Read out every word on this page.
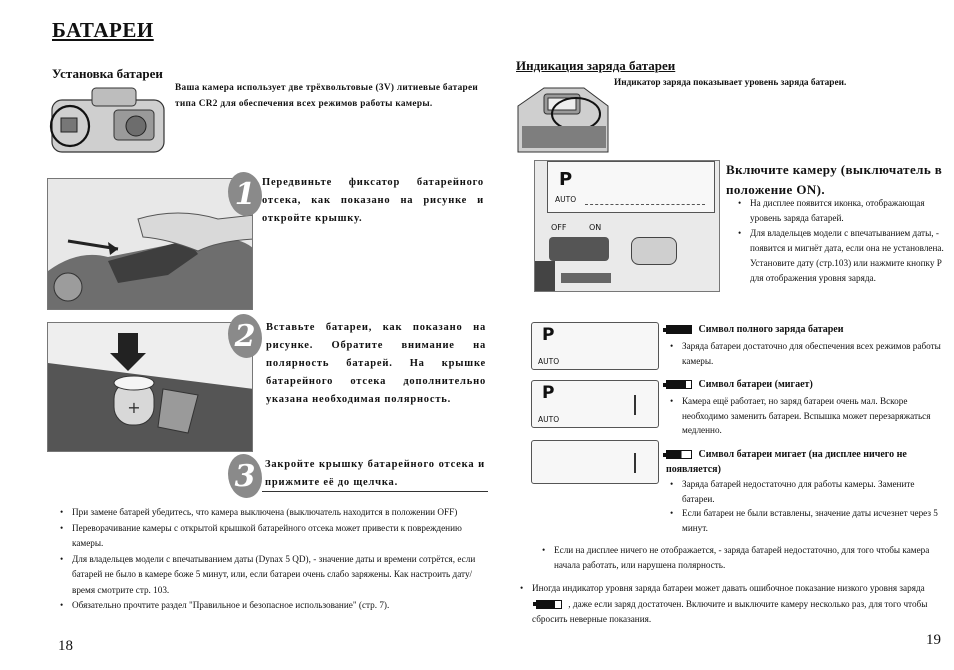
БАТАРЕИ
Установка батареи
Ваша камера использует две трёхвольтовые (3V) литиевые батареи типа CR2 для обеспечения всех режимов работы камеры.
1 Передвиньте фиксатор батарейного отсека, как показано на рисунке и откройте крышку.
+
2	Вставьте батареи, как показано на рисунке. Обратите внимание на полярность батарей. На крышке батарейного отсека дополнительно указана необходимая полярность.
3 Закройте крышку батарейного отсека и прижмите её до щелчка.
• При замене батарей убедитесь, что камера выключена (выключатель находится в положении OFF)
• Переворачивание камеры с открытой крышкой батарейного отсека может привести к повреждению камеры.
• Для владельцев модели с впечатыванием даты (Dynax 5 QD), - значение даты и времени сотрётся, если батарей не было в камере боже 5 минут, или, если батареи очень слабо заряжены. Как настроить дату/время смотрите стр. 103.
• Обязательно прочтите раздел "Правильное и безопасное использование" (стр. 7).
18
Индикация заряда батареи
Индикатор заряда показывает уровень заряда батареи.
P
AUTO
OFF	ON
Включите камеру (выключатель в положение ON).
• На дисплее появится иконка, отображающая уровень заряда батарей.
• Для владельцев модели с впечатыванием даты, - появится и мигнёт дата, если она не установлена. Установите дату (стр.103) или нажмите кнопку P для отображения уровня заряда.
P
AUTO
Символ полного заряда батареи
• Заряда батареи достаточно для обеспечения всех режимов работы камеры.
P
AUTO
Символ батареи (мигает)
• Камера ещё работает, но заряд батареи очень мал. Вскоре необходимо заменить батареи. Вспышка может перезаряжаться медленно.
Символ батареи мигает (на дисплее ничего не появляется)
• Заряда батарей недостаточно для работы камеры. Замените батареи.
• Если батареи не были вставлены, значение даты исчезнет через 5 минут.
• Если на дисплее ничего не отображается, - заряда батарей недостаточно, для того чтобы камера начала работать, или нарушена полярность.
• Иногда индикатор уровня заряда батареи может давать ошибочное показание низкого уровня заряда  , даже если заряд достаточен. Включите и выключите камеру несколько раз, для того чтобы сбросить неверные показания.
19
